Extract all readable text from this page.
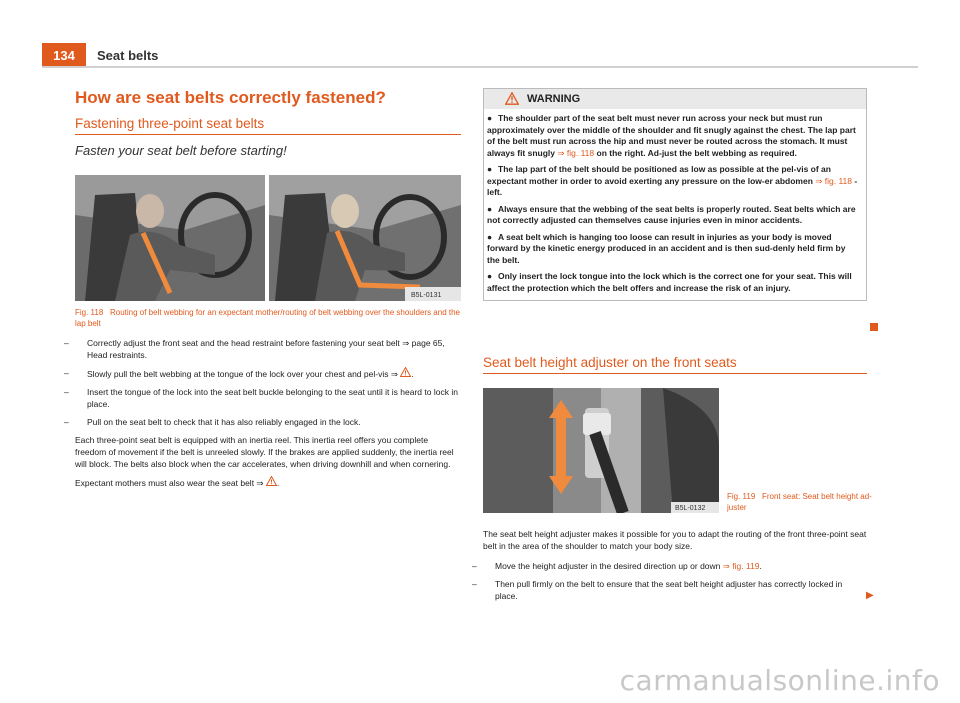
134	Seat belts
How are seat belts correctly fastened?
Fastening three-point seat belts

Fasten your seat belt before starting!

B5L-0131
Fig. 118 Routing of belt webbing for an expectant mother/routing of belt webbing over the shoulders and the lap belt
–	Correctly adjust the front seat and the head restraint before fastening your seat belt ⇒ page 65, Head restraints.
–	Slowly pull the belt webbing at the tongue of the lock over your chest and pel-vis ⇒ .
–	Insert the tongue of the lock into the seat belt buckle belonging to the seat until it is heard to lock in place.
–	Pull on the seat belt to check that it has also reliably engaged in the lock.

Each three-point seat belt is equipped with an inertia reel. This inertia reel offers you complete freedom of movement if the belt is unreeled slowly. If the brakes are applied suddenly, the inertia reel will block. The belts also block when the car accelerates, when driving downhill and when cornering.

Expectant mothers must also wear the seat belt ⇒ .

WARNING

● The shoulder part of the seat belt must never run across your neck but must run approximately over the middle of the shoulder and fit snugly against the chest. The lap part of the belt must run across the hip and must never be routed across the stomach. It must always fit snugly ⇒ fig. 118 on the right. Ad-just the belt webbing as required.

● The lap part of the belt should be positioned as low as possible at the pel-vis of an expectant mother in order to avoid exerting any pressure on the low-er abdomen ⇒ fig. 118 - left.

● Always ensure that the webbing of the seat belts is properly routed. Seat belts which are not correctly adjusted can themselves cause injuries even in minor accidents.

● A seat belt which is hanging too loose can result in injuries as your body is moved forward by the kinetic energy produced in an accident and is then sud-denly held firm by the belt.

● Only insert the lock tongue into the lock which is the correct one for your seat. This will affect the protection which the belt offers and increase the risk of an injury.

Seat belt height adjuster on the front seats
B5L-0132
Fig. 119 Front seat: Seat belt height ad-juster

The seat belt height adjuster makes it possible for you to adapt the routing of the front three-point seat belt in the area of the shoulder to match your body size.

–	Move the height adjuster in the desired direction up or down ⇒ fig. 119.
–	Then pull firmly on the belt to ensure that the seat belt height adjuster has correctly locked in place.	▶
carmanualsonline.info
